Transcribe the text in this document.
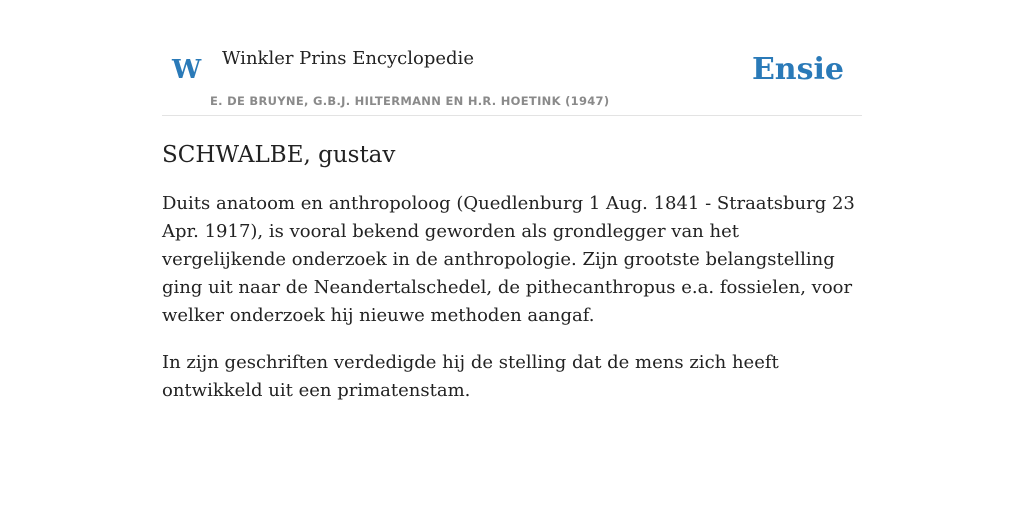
W Winkler Prins Encyclopedie
E. DE BRUYNE, G.B.J. HILTERMANN EN H.R. HOETINK (1947)
Ensie
SCHWALBE, gustav

Duits anatoom en anthropoloog (Quedlenburg 1 Aug. 1841 - Straatsburg 23 Apr. 1917), is vooral bekend geworden als grondlegger van het vergelijkende onderzoek in de anthropologie. Zijn grootste belangstelling ging uit naar de Neandertalschedel, de pithecanthropus e.a. fossielen, voor welker onderzoek hij nieuwe methoden aangaf.

In zijn geschriften verdedigde hij de stelling dat de mens zich heeft ontwikkeld uit een primatenstam.
